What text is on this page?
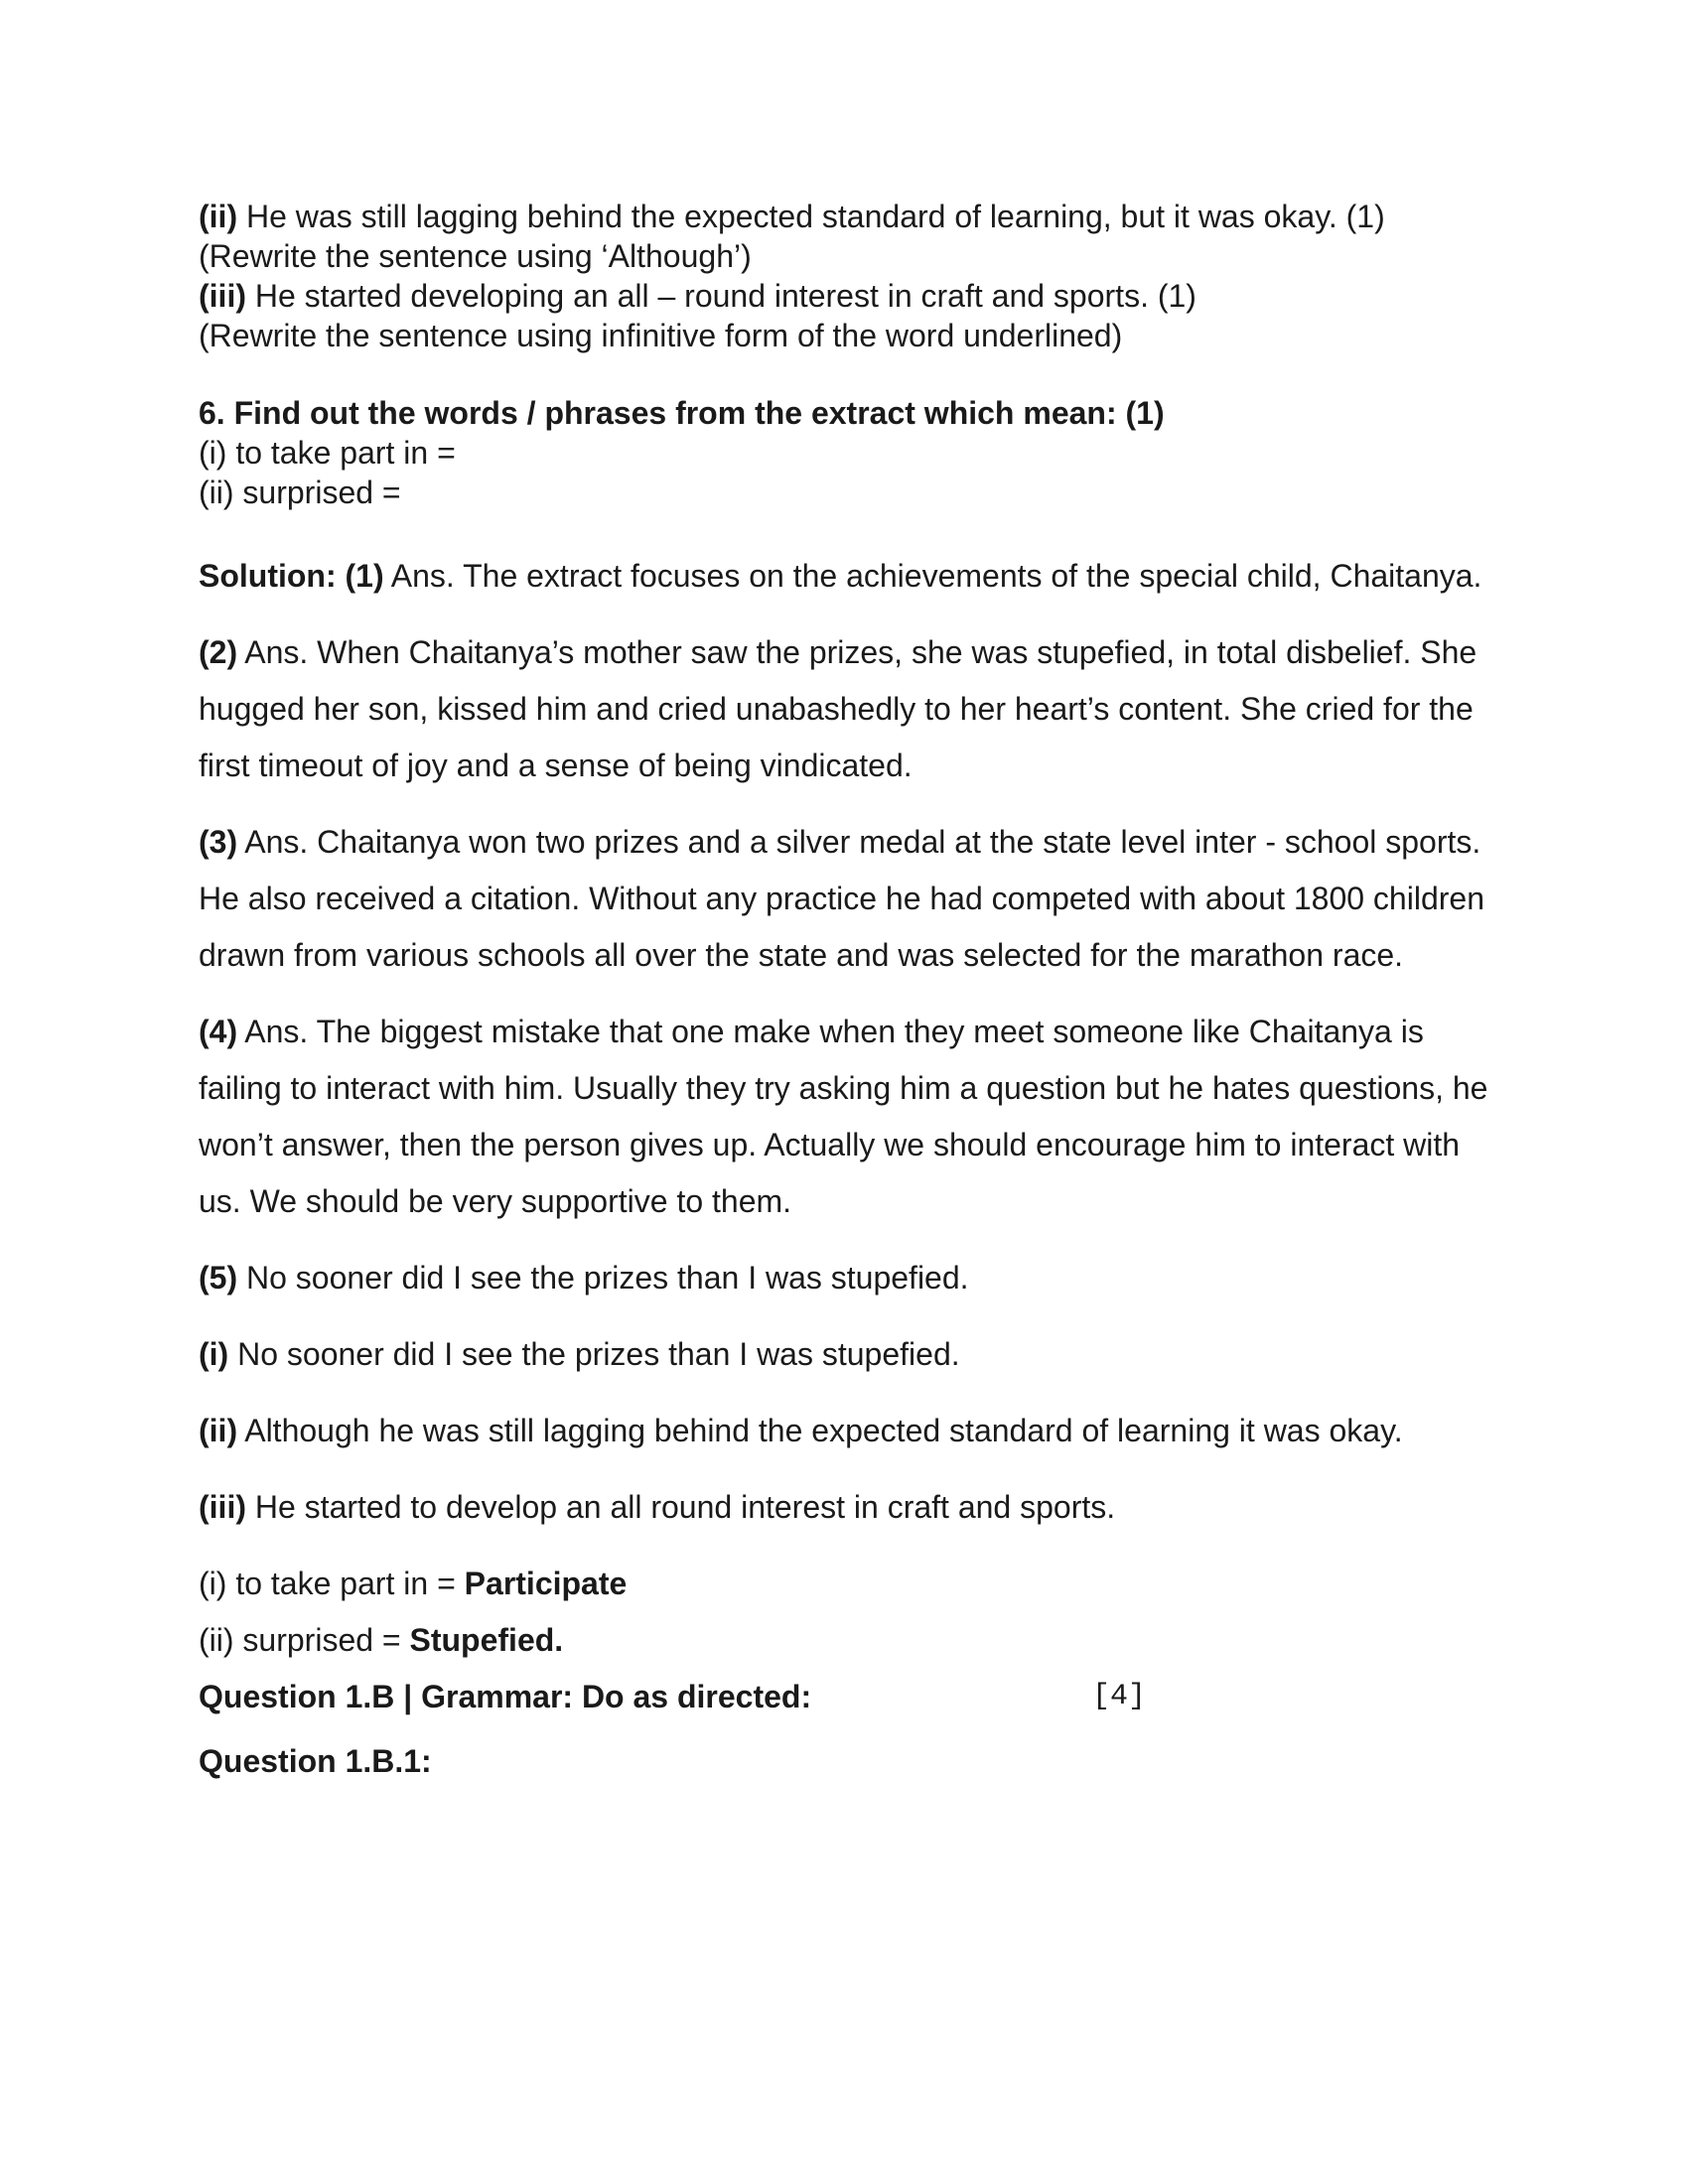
(ii) He was still lagging behind the expected standard of learning, but it was okay. (1)

(Rewrite the sentence using ‘Although’)

(iii) He started developing an all – round interest in craft and sports. (1)

(Rewrite the sentence using infinitive form of the word underlined)

6. Find out the words / phrases from the extract which mean: (1)

(i) to take part in =

(ii) surprised =

Solution: (1) Ans. The extract focuses on the achievements of the special child, Chaitanya.

(2) Ans. When Chaitanya’s mother saw the prizes, she was stupefied, in total disbelief. She hugged her son, kissed him and cried unabashedly to her heart’s content. She cried for the first timeout of joy and a sense of being vindicated.

(3) Ans. Chaitanya won two prizes and a silver medal at the state level inter - school sports. He also received a citation. Without any practice he had competed with about 1800 children drawn from various schools all over the state and was selected for the marathon race.

(4) Ans. The biggest mistake that one make when they meet someone like Chaitanya is failing to interact with him. Usually they try asking him a question but he hates questions, he won’t answer, then the person gives up. Actually we should encourage him to interact with us. We should be very supportive to them.

(5) No sooner did I see the prizes than I was stupefied.

(i) No sooner did I see the prizes than I was stupefied.

(ii) Although he was still lagging behind the expected standard of learning it was okay.

(iii) He started to develop an all round interest in craft and sports.

(i) to take part in = Participate

(ii) surprised = Stupefied.

Question 1.B | Grammar: Do as directed:	[4]
Question 1.B.1:
